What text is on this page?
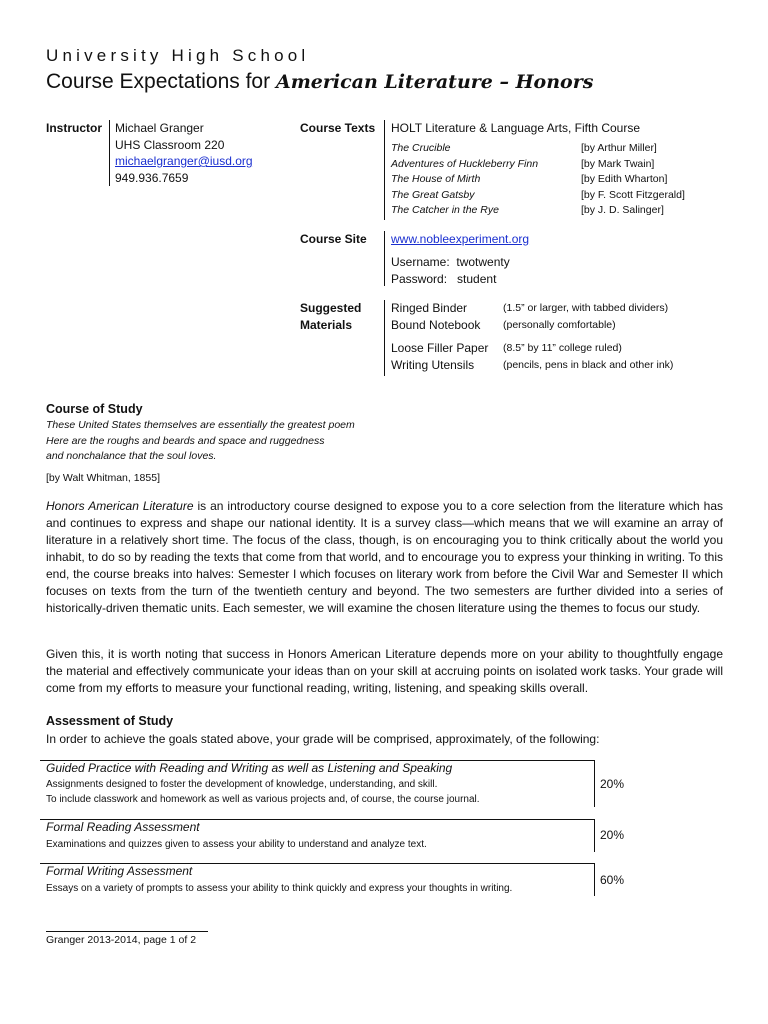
University High School
Course Expectations for American Literature – Honors
Instructor Michael Granger
UHS Classroom 220
michaelgranger@iusd.org
949.936.7659
Course Texts HOLT Literature & Language Arts, Fifth Course
The Crucible	[by Arthur Miller]
Adventures of Huckleberry Finn	[by Mark Twain]
The House of Mirth	[by Edith Wharton]
The Great Gatsby	[by F. Scott Fitzgerald]
The Catcher in the Rye	[by J. D. Salinger]
Course Site www.nobleexperiment.org
Username: twotwenty
Password: student
Suggested
Materials
Ringed Binder	(1.5” or larger, with tabbed dividers)
Bound Notebook (personally comfortable)
Loose Filler Paper (8.5” by 11” college ruled)
Writing Utensils	(pencils, pens in black and other ink)
Course of Study
These United States themselves are essentially the greatest poem
Here are the roughs and beards and space and ruggedness
and nonchalance that the soul loves.
[by Walt Whitman, 1855]
Honors American Literature is an introductory course designed to expose you to a core selection from the literature which has and continues to express and shape our national identity. It is a survey class—which means that we will examine an array of literature in a relatively short time. The focus of the class, though, is on encouraging you to think critically about the world you inhabit, to do so by reading the texts that come from that world, and to encourage you to express your thinking in writing. To this end, the course breaks into halves: Semester I which focuses on literary work from before the Civil War and Semester II which focuses on texts from the turn of the twentieth century and beyond. The two semesters are further divided into a series of historically-driven thematic units. Each semester, we will examine the chosen literature using the themes to focus our study.
Given this, it is worth noting that success in Honors American Literature depends more on your ability to thoughtfully engage the material and effectively communicate your ideas than on your skill at accruing points on isolated work tasks. Your grade will come from my efforts to measure your functional reading, writing, listening, and speaking skills overall.
Assessment of Study
In order to achieve the goals stated above, your grade will be comprised, approximately, of the following:
Guided Practice with Reading and Writing as well as Listening and Speaking
Assignments designed to foster the development of knowledge, understanding, and skill.
To include classwork and homework as well as various projects and, of course, the course journal.
20%
Formal Reading Assessment
Examinations and quizzes given to assess your ability to understand and analyze text.
20%
Formal Writing Assessment
Essays on a variety of prompts to assess your ability to think quickly and express your thoughts in writing.
60%
Granger 2013-2014, page 1 of 2
